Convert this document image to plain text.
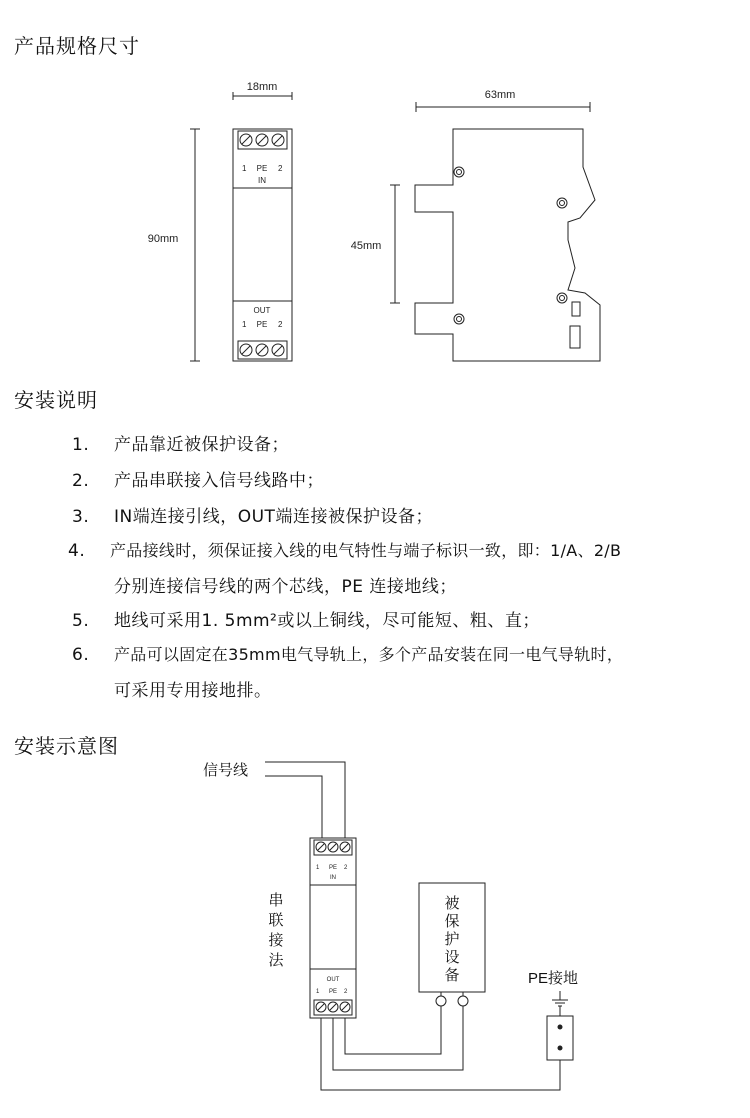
产品规格尺寸
安装说明
安装示意图
18mm
90mm
1 PE 2
IN
OUT
1 PE 2
63mm
45mm
1. 产品靠近被保护设备；
2. 产品串联接入信号线路中；
3. IN端连接引线，OUT端连接被保护设备；
4. 产品接线时，须保证接入线的电气特性与端子标识一致，即：1/A、2/B
分别连接信号线的两个芯线，PE 连接地线；
5. 地线可采用1. 5mm²或以上铜线，尽可能短、粗、直；
6. 产品可以固定在35mm电气导轨上，多个产品安装在同一电气导轨时，
可采用专用接地排。
信号线
1 PE 2
IN
OUT
1 PE 2
串
联
接
法
被
保
护
设
备	PE接地
